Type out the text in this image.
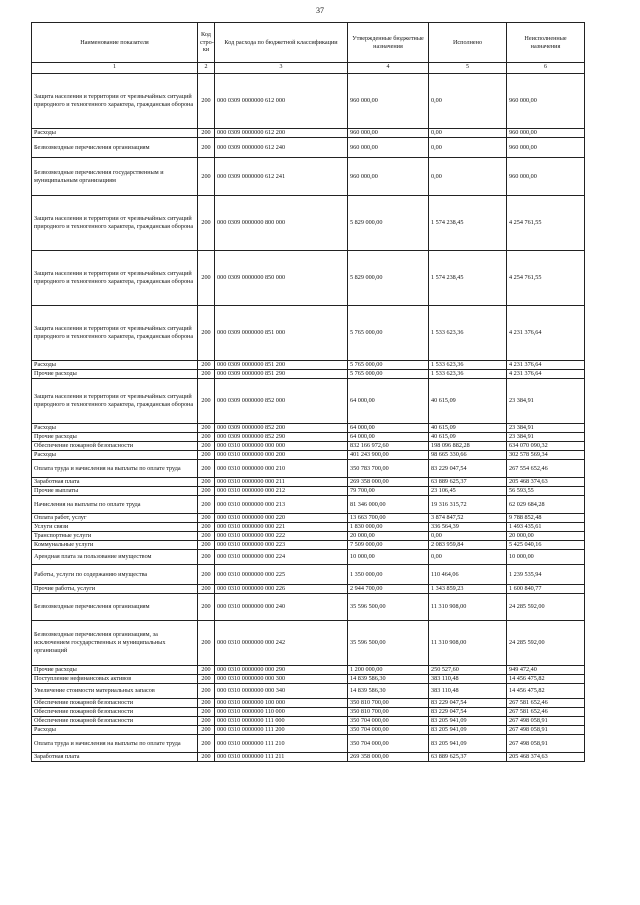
37
Наименование показателя	Код стро-ки	Код расхода по бюджетной классификации	Утвержденные бюджетные назначения	Исполнено	Неисполненные назначения
1	2	3	4	5	6
Защита населения и территории от чрезвычайных ситуаций природного и техногенного характера, гражданская оборона	200	000 0309 0000000 612 000	960 000,00	0,00	960 000,00
Расходы	200	000 0309 0000000 612 200	960 000,00	0,00	960 000,00
Безвозмездные перечисления организациям	200	000 0309 0000000 612 240	960 000,00	0,00	960 000,00
Безвозмездные перечисления государственным и муниципальным организациям	200	000 0309 0000000 612 241	960 000,00	0,00	960 000,00
Защита населения и территории от чрезвычайных ситуаций природного и техногенного характера, гражданская оборона	200	000 0309 0000000 800 000	5 829 000,00	1 574 238,45	4 254 761,55
Защита населения и территории от чрезвычайных ситуаций природного и техногенного характера, гражданская оборона	200	000 0309 0000000 850 000	5 829 000,00	1 574 238,45	4 254 761,55
Защита населения и территории от чрезвычайных ситуаций природного и техногенного характера, гражданская оборона	200	000 0309 0000000 851 000	5 765 000,00	1 533 623,36	4 231 376,64
Расходы	200	000 0309 0000000 851 200	5 765 000,00	1 533 623,36	4 231 376,64
Прочие расходы	200	000 0309 0000000 851 290	5 765 000,00	1 533 623,36	4 231 376,64
Защита населения и территории от чрезвычайных ситуаций природного и техногенного характера, гражданская оборона	200	000 0309 0000000 852 000	64 000,00	40 615,09	23 384,91
Расходы	200	000 0309 0000000 852 200	64 000,00	40 615,09	23 384,91
Прочие расходы	200	000 0309 0000000 852 290	64 000,00	40 615,09	23 384,91
Обеспечение пожарной безопасности	200	000 0310 0000000 000 000	832 166 972,60	198 096 882,28	634 070 090,32
Расходы	200	000 0310 0000000 000 200	401 243 900,00	98 665 330,66	302 578 569,34
Оплата труда и начисления на выплаты по оплате труда	200	000 0310 0000000 000 210	350 783 700,00	83 229 047,54	267 554 652,46
Заработная плата	200	000 0310 0000000 000 211	269 358 000,00	63 889 625,37	205 468 374,63
Прочие выплаты	200	000 0310 0000000 000 212	79 700,00	23 106,45	56 593,55
Начисления на выплаты по оплате труда	200	000 0310 0000000 000 213	81 346 000,00	19 316 315,72	62 029 684,28
Оплата работ, услуг	200	000 0310 0000000 000 220	13 663 700,00	3 874 847,52	9 788 852,48
Услуги связи	200	000 0310 0000000 000 221	1 830 000,00	336 564,39	1 493 435,61
Транспортные услуги	200	000 0310 0000000 000 222	20 000,00	0,00	20 000,00
Коммунальные услуги	200	000 0310 0000000 000 223	7 509 000,00	2 083 959,84	5 425 040,16
Арендная плата за пользование имуществом	200	000 0310 0000000 000 224	10 000,00	0,00	10 000,00
Работы, услуги по содержанию имущества	200	000 0310 0000000 000 225	1 350 000,00	110 464,06	1 239 535,94
Прочие работы, услуги	200	000 0310 0000000 000 226	2 944 700,00	1 343 859,23	1 600 840,77
Безвозмездные перечисления организациям	200	000 0310 0000000 000 240	35 596 500,00	11 310 908,00	24 285 592,00
Безвозмездные перечисления организациям, за исключением государственных и муниципальных организаций	200	000 0310 0000000 000 242	35 596 500,00	11 310 908,00	24 285 592,00
Прочие расходы	200	000 0310 0000000 000 290	1 200 000,00	250 527,60	949 472,40
Поступление нефинансовых активов	200	000 0310 0000000 000 300	14 839 586,30	383 110,48	14 456 475,82
Увеличение стоимости материальных запасов	200	000 0310 0000000 000 340	14 839 586,30	383 110,48	14 456 475,82
Обеспечение пожарной безопасности	200	000 0310 0000000 100 000	350 810 700,00	83 229 047,54	267 581 652,46
Обеспечение пожарной безопасности	200	000 0310 0000000 110 000	350 810 700,00	83 229 047,54	267 581 652,46
Обеспечение пожарной безопасности	200	000 0310 0000000 111 000	350 704 000,00	83 205 941,09	267 498 058,91
Расходы	200	000 0310 0000000 111 200	350 704 000,00	83 205 941,09	267 498 058,91
Оплата труда и начисления на выплаты по оплате труда	200	000 0310 0000000 111 210	350 704 000,00	83 205 941,09	267 498 058,91
Заработная плата	200	000 0310 0000000 111 211	269 358 000,00	63 889 625,37	205 468 374,63
